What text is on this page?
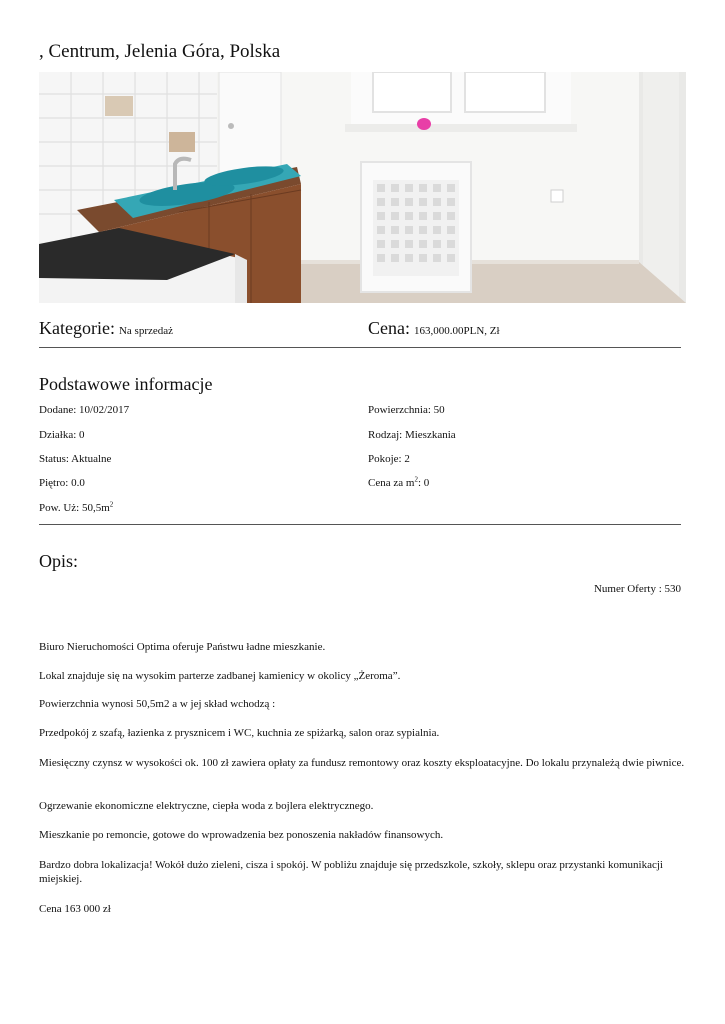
, Centrum, Jelenia Góra, Polska
Kategorie: Na sprzedaż	Cena: 163,000.00PLN, Zł
Podstawowe informacje
Dodane: 10/02/2017
Działka: 0
Status: Aktualne
Piętro: 0.0
Pow. Uż: $50,5m^2$
Powierzchnia: 50
Rodzaj: Mieszkania
Pokoje: 2
Cena za $m^2$: 0
Opis:
Numer Oferty : 530
Biuro Nieruchomości Optima oferuje Państwu ładne mieszkanie.
Lokal znajduje się na wysokim parterze zadbanej kamienicy w okolicy „Żeroma”.
Powierzchnia wynosi 50,5m2 a w jej skład wchodzą :
Przedpokój z szafą, łazienka z prysznicem i WC, kuchnia ze spiżarką, salon oraz sypialnia.
Miesięczny czynsz w wysokości ok. 100 zł zawiera opłaty za fundusz remontowy oraz koszty eksploatacyjne. Do lokalu przynależą dwie piwnice.
Ogrzewanie ekonomiczne elektryczne, ciepła woda z bojlera elektrycznego.
Mieszkanie po remoncie, gotowe do wprowadzenia bez ponoszenia nakładów finansowych.
Bardzo dobra lokalizacja! Wokół dużo zieleni, cisza i spokój. W pobliżu znajduje się przedszkole, szkoły, sklepu oraz przystanki komunikacji miejskiej.
Cena 163 000 zł
